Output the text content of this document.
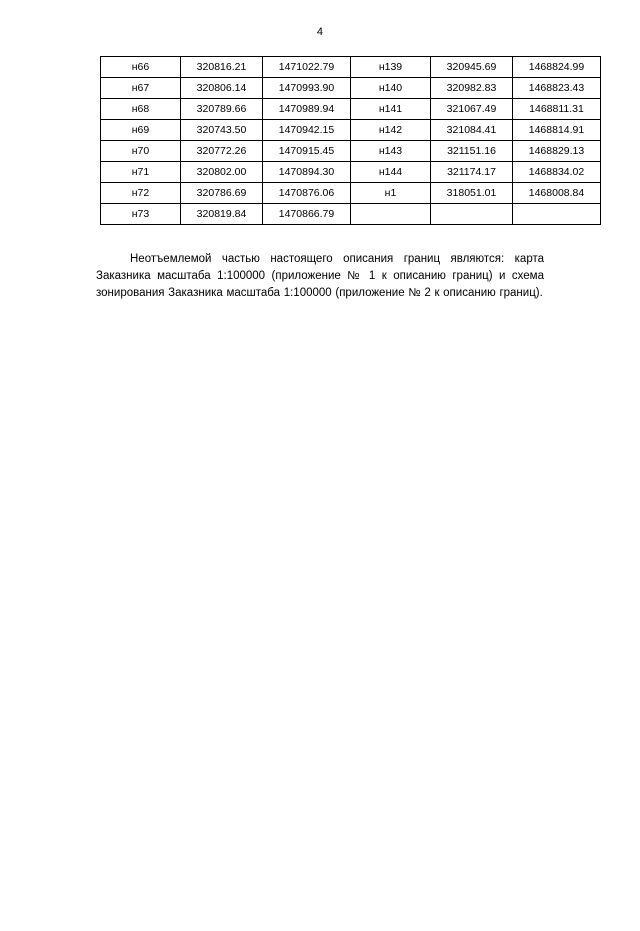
4
н66	320816.21	1471022.79	н139	320945.69	1468824.99
н67	320806.14	1470993.90	н140	320982.83	1468823.43
н68	320789.66	1470989.94	н141	321067.49	1468811.31
н69	320743.50	1470942.15	н142	321084.41	1468814.91
н70	320772.26	1470915.45	н143	321151.16	1468829.13
н71	320802.00	1470894.30	н144	321174.17	1468834.02
н72	320786.69	1470876.06	н1	318051.01	1468008.84
н73	320819.84	1470866.79			

Неотъемлемой частью настоящего описания границ являются: карта Заказника масштаба 1:100000 (приложение № 1 к описанию границ) и схема зонирования Заказника масштаба 1:100000 (приложение № 2 к описанию границ).
